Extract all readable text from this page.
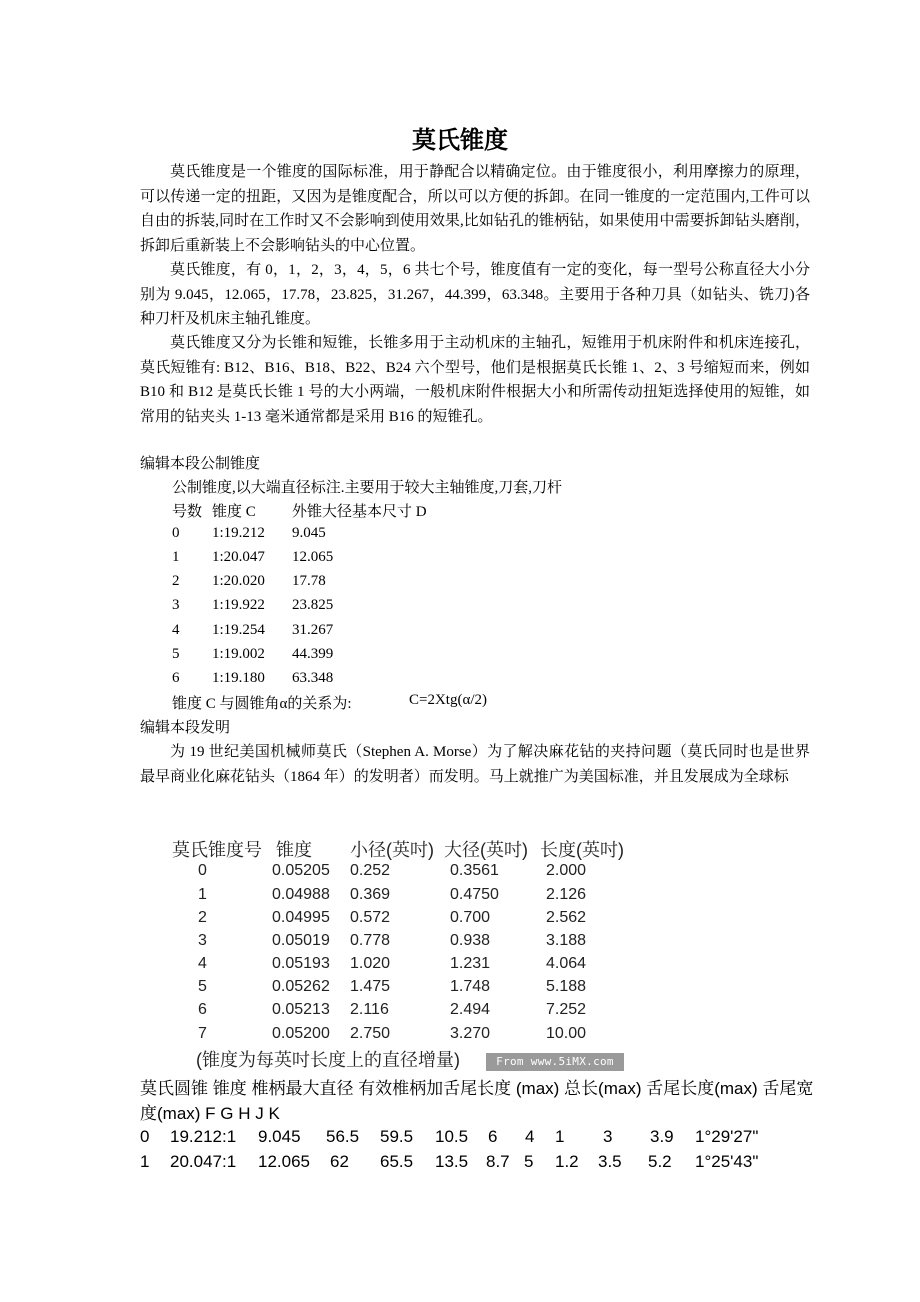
莫氏锥度

莫氏锥度是一个锥度的国际标准，用于静配合以精确定位。由于锥度很小，利用摩擦力的原理，可以传递一定的扭距，又因为是锥度配合，所以可以方便的拆卸。在同一锥度的一定范围内,工件可以自由的拆装,同时在工作时又不会影响到使用效果,比如钻孔的锥柄钻，如果使用中需要拆卸钻头磨削，拆卸后重新装上不会影响钻头的中心位置。

莫氏锥度，有 0，1，2，3，4，5，6 共七个号，锥度值有一定的变化，每一型号公称直径大小分别为 9.045，12.065，17.78，23.825，31.267，44.399，63.348。主要用于各种刀具（如钻头、铣刀)各种刀杆及机床主轴孔锥度。

莫氏锥度又分为长锥和短锥，长锥多用于主动机床的主轴孔，短锥用于机床附件和机床连接孔，莫氏短锥有: B12、B16、B18、B22、B24 六个型号，他们是根据莫氏长锥 1、2、3 号缩短而来，例如 B10 和 B12 是莫氏长锥 1 号的大小两端，一般机床附件根据大小和所需传动扭矩选择使用的短锥，如常用的钻夹头 1-13 毫米通常都是采用 B16 的短锥孔。

编辑本段公制锥度
公制锥度,以大端直径标注.主要用于较大主轴锥度,刀套,刀杆
号数 锥度 C 外锥大径基本尺寸 D
0 1:19.212 9.045
1 1:20.047 12.065
2 1:20.020 17.78
3 1:19.922 23.825
4 1:19.254 31.267
5 1:19.002 44.399
6 1:19.180 63.348
锥度 C 与圆锥角α的关系为:	C=2Xtg(α/2)
编辑本段发明

为 19 世纪美国机械师莫氏（Stephen A. Morse）为了解决麻花钻的夹持问题（莫氏同时也是世界最早商业化麻花钻头（1864 年）的发明者）而发明。马上就推广为美国标准，并且发展成为全球标

莫氏锥度号 锥度 小径(英吋) 大径(英吋) 长度(英吋)
0	0.05205 0.252	0.3561	2.000
1	0.04988 0.369	0.4750	2.126
2	0.04995 0.572	0.700	2.562
3	0.05019 0.778	0.938	3.188
4	0.05193 1.020	1.231	4.064
5	0.05262 1.475	1.748	5.188
6	0.05213 2.116	2.494	7.252
7	0.05200 2.750	3.270	10.00
(锥度为每英吋长度上的直径增量)	From www.5iMX.com
莫氏圆锥 锥度 椎柄最大直径 有效椎柄加舌尾长度 (max) 总长(max) 舌尾长度(max) 舌尾宽度(max) F G H J K
0 19.212:1 9.045 56.5 59.5 10.5 6 4 1 3 3.9 1°29'27"
1 20.047:1 12.065 62 65.5 13.5 8.7 5 1.2 3.5 5.2 1°25'43"
